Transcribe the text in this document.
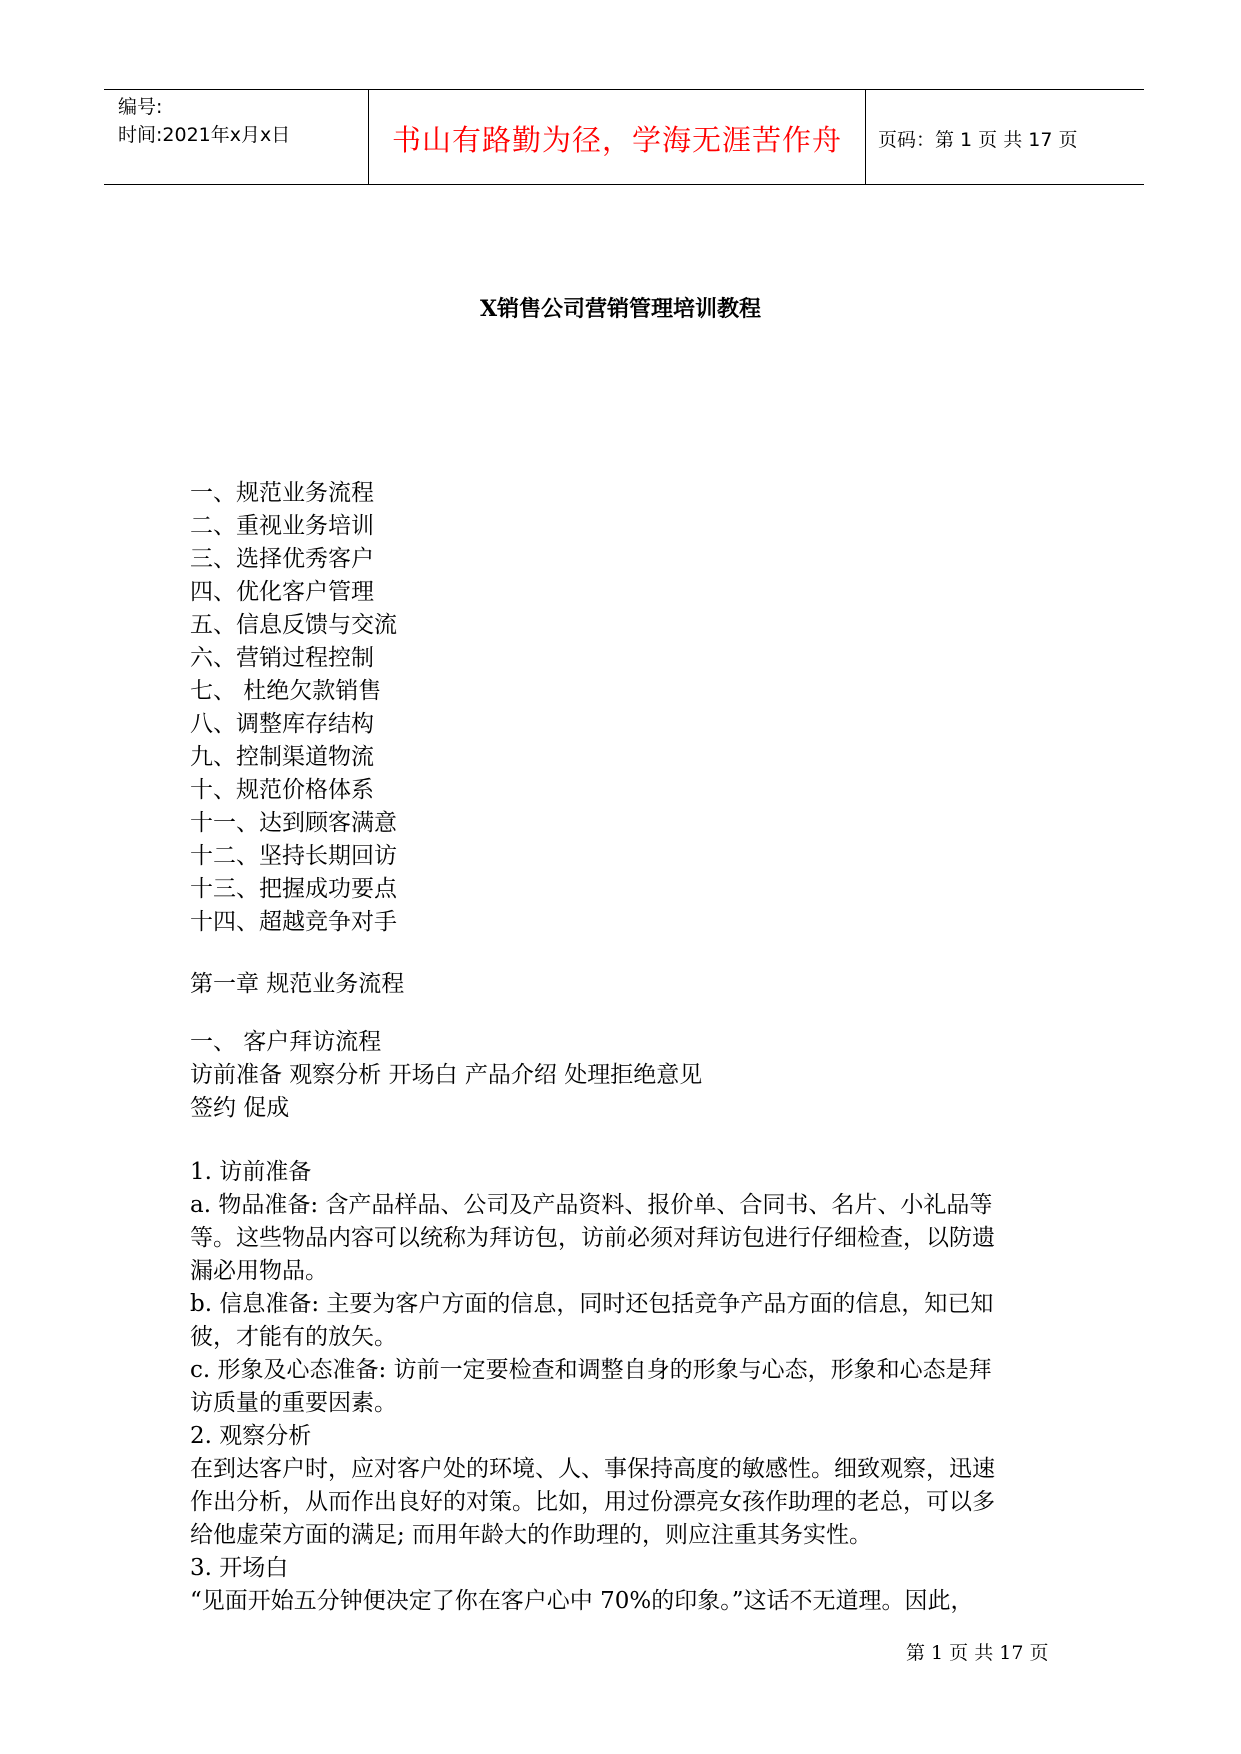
编号:
时间:2021年x月x日	书山有路勤为径，学海无涯苦作舟	页码：第 1 页 共 17 页
X销售公司营销管理培训教程
一、规范业务流程
二、重视业务培训
三、选择优秀客户
四、优化客户管理
五、信息反馈与交流
六、营销过程控制
七、 杜绝欠款销售
八、调整库存结构
九、控制渠道物流
十、规范价格体系
十一、达到顾客满意
十二、坚持长期回访
十三、把握成功要点
十四、超越竞争对手
第一章 规范业务流程
一、 客户拜访流程
访前准备 观察分析 开场白 产品介绍 处理拒绝意见
签约 促成
1. 访前准备
a. 物品准备: 含产品样品、公司及产品资料、报价单、合同书、名片、小礼品等
等。这些物品内容可以统称为拜访包，访前必须对拜访包进行仔细检查，以防遗
漏必用物品。
b. 信息准备: 主要为客户方面的信息，同时还包括竞争产品方面的信息，知已知
彼，才能有的放矢。
c. 形象及心态准备: 访前一定要检查和调整自身的形象与心态，形象和心态是拜
访质量的重要因素。
2. 观察分析
在到达客户时，应对客户处的环境、人、事保持高度的敏感性。细致观察，迅速
作出分析，从而作出良好的对策。比如，用过份漂亮女孩作助理的老总，可以多
给他虚荣方面的满足; 而用年龄大的作助理的，则应注重其务实性。
3. 开场白
“见面开始五分钟便决定了你在客户心中 70%的印象。”这话不无道理。因此，
第 1 页 共 17 页
